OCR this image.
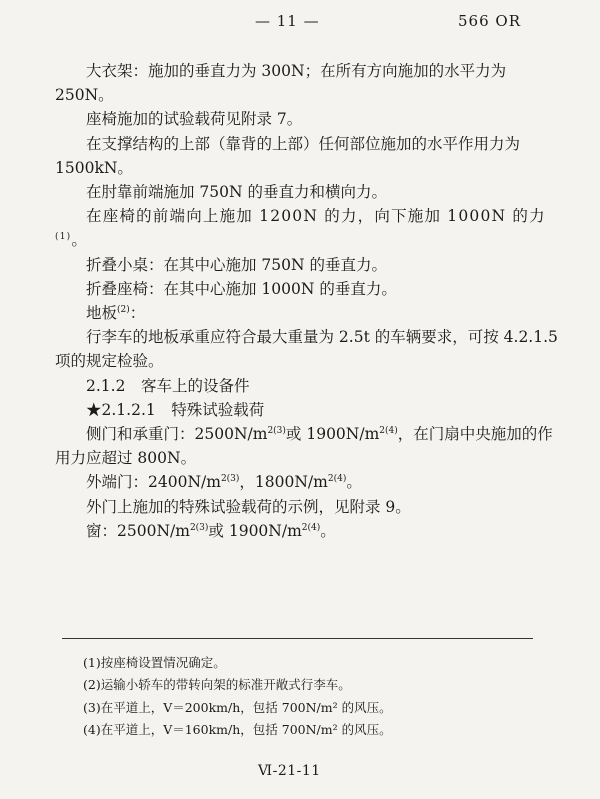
— 11 —	566 OR

大衣架：施加的垂直力为 300N；在所有方向施加的水平力为 250N。

座椅施加的试验载荷见附录 7。

在支撑结构的上部（靠背的上部）任何部位施加的水平作用力为 1500kN。

在肘靠前端施加 750N 的垂直力和横向力。

在座椅的前端向上施加 1200N 的力，向下施加 1000N 的力$^{(1)}$。

折叠小桌：在其中心施加 750N 的垂直力。

折叠座椅：在其中心施加 1000N 的垂直力。

地板$^{(2)}$：

行李车的地板承重应符合最大重量为 2.5t 的车辆要求，可按 4.2.1.5 项的规定检验。

2.1.2　客车上的设备件

★2.1.2.1　特殊试验载荷

侧门和承重门：$2500N/m^{2(3)}$或 $1900N/m^{2(4)}$，在门扇中央施加的作用力应超过 800N。

外端门：$2400N/m^{2(3)}$，$1800N/m^{2(4)}$。

外门上施加的特殊试验载荷的示例，见附录 9。

窗：$2500N/m^{2(3)}$或 $1900N/m^{2(4)}$。

(1)按座椅设置情况确定。

(2)运输小轿车的带转向架的标准开敞式行李车。

(3)在平道上，V＝200km/h，包括 700N/m² 的风压。

(4)在平道上，V＝160km/h，包括 700N/m² 的风压。

Ⅵ-21-11
